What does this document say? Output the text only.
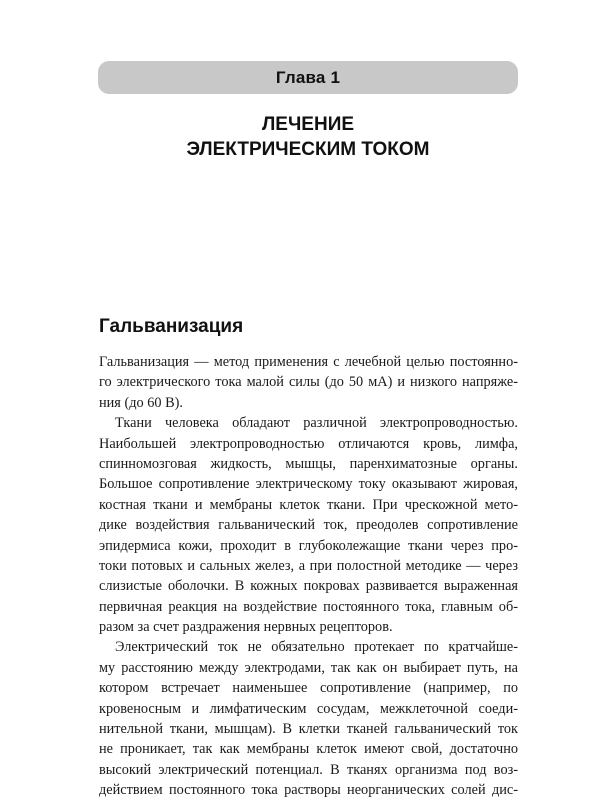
Глава 1
ЛЕЧЕНИЕ
ЭЛЕКТРИЧЕСКИМ ТОКОМ
Гальванизация
Гальванизация — метод применения с лечебной целью постоянно-
го электрического тока малой силы (до 50 мА) и низкого напряже-
ния (до 60 В).
Ткани человека обладают различной электропроводностью.
Наибольшей электропроводностью отличаются кровь, лимфа,
спинномозговая жидкость, мышцы, паренхиматозные органы.
Большое сопротивление электрическому току оказывают жировая,
костная ткани и мембраны клеток ткани. При чрескожной мето-
дике воздействия гальванический ток, преодолев сопротивление
эпидермиса кожи, проходит в глубоколежащие ткани через про-
токи потовых и сальных желез, а при полостной методике — через
слизистые оболочки. В кожных покровах развивается выраженная
первичная реакция на воздействие постоянного тока, главным об-
разом за счет раздражения нервных рецепторов.
Электрический ток не обязательно протекает по кратчайше-
му расстоянию между электродами, так как он выбирает путь, на
котором встречает наименьшее сопротивление (например, по
кровеносным и лимфатическим сосудам, межклеточной соеди-
нительной ткани, мышцам). В клетки тканей гальванический ток
не проникает, так как мембраны клеток имеют свой, достаточно
высокий электрический потенциал. В тканях организма под воз-
действием постоянного тока растворы неорганических солей дис-
